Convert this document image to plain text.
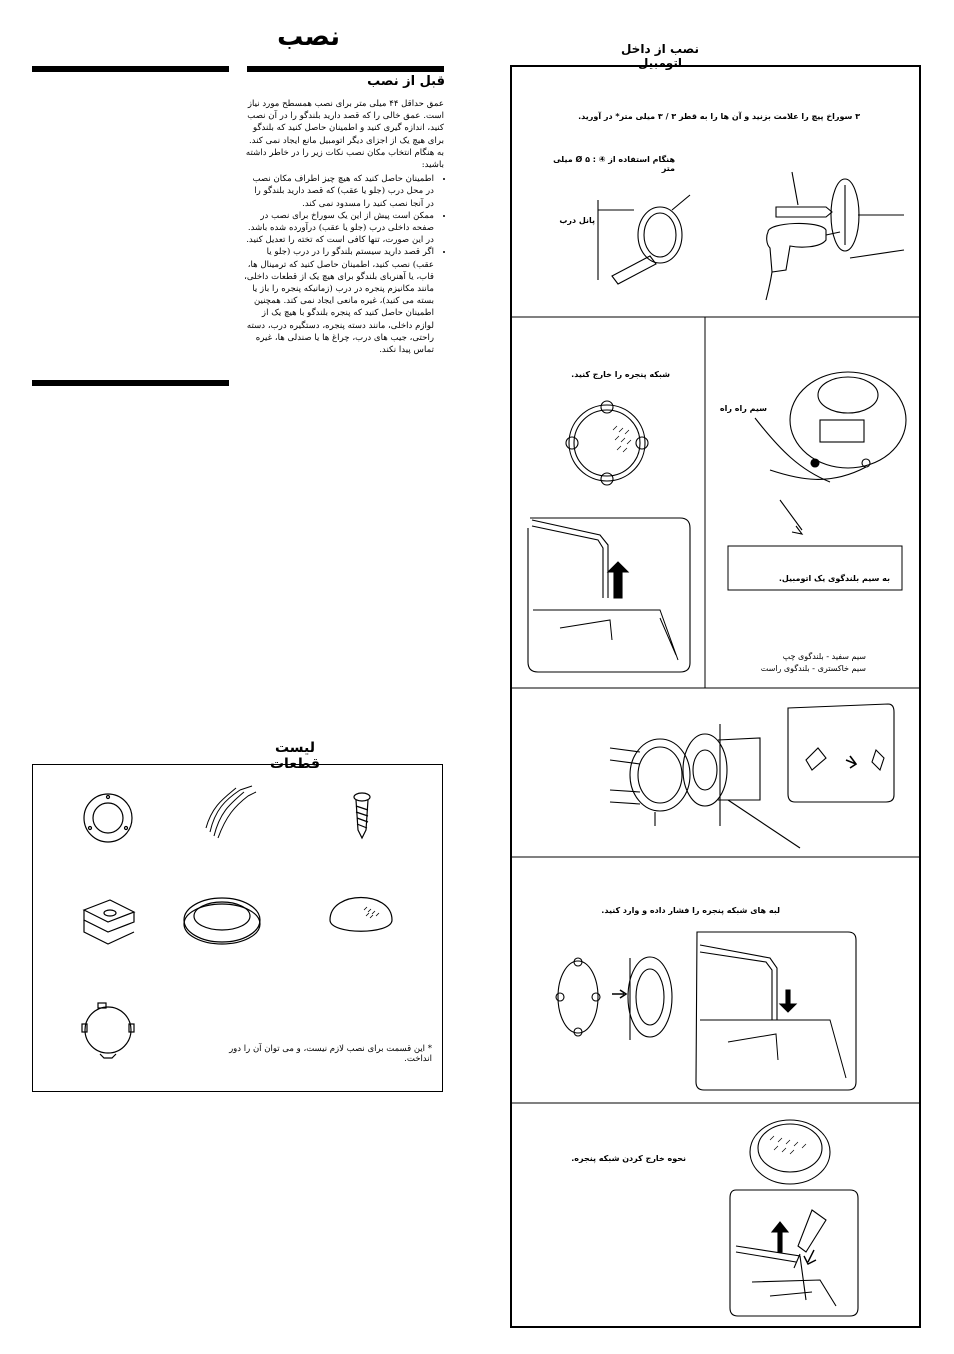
نصب
قبل از نصب

عمق حداقل ۴۴ میلی متر برای نصب همسطح مورد نیاز است. عمق خالی را که قصد دارید بلندگو را در آن نصب کنید، اندازه گیری کنید و اطمینان حاصل کنید که بلندگو برای هیچ یک از اجزای دیگر اتومبیل مانع ایجاد نمی کند. به هنگام انتخاب مکان نصب نکات زیر را در خاطر داشته باشید:

• اطمینان حاصل کنید که هیچ چیز اطراف مکان نصب در محل درب (جلو یا عقب) که قصد دارید بلندگو را در آنجا نصب کنید را مسدود نمی کند.
• ممکن است پیش از این یک سوراخ برای نصب در صفحه داخلی درب (جلو یا عقب) درآورده شده باشد. در این صورت، تنها کافی است که تخته را تعدیل کنید.
• اگر قصد دارید سیستم بلندگو را در درب (جلو یا عقب) نصب کنید، اطمینان حاصل کنید که ترمینال ها، قاب، یا آهنربای بلندگو برای هیچ یک از قطعات داخلی، مانند مکانیزم پنجره در درب (زمانیکه پنجره را باز یا بسته می کنید)، غیره مانعی ایجاد نمی کند. همچنین اطمینان حاصل کنید که پنجره بلندگو با هیچ یک از لوازم داخلی، مانند دسته پنجره، دستگیره درب، دسته راحتی، جیب های درب، چراغ ها یا صندلی ها، غیره تماس پیدا نکند.
لیست قطعات
* این قسمت برای نصب لازم نیست، و می توان آن را دور انداخت.
نصب از داخل اتومبیل
۳ سوراخ پیچ را علامت بزنید و آن ها را به قطر ۳ / ۳ میلی متر* در آورید.
هنگام استفاده از ④ : ۵ Ø میلی متر
پانل درب
شبکه پنجره را خارج کنید.
سیم راه راه
به سیم بلندگوی یک اتومبیل.
سیم سفید - بلندگوی چپ
سیم خاکستری - بلندگوی راست
لبه های شبکه پنجره را فشار داده و وارد کنید.
نحوه خارج کردن شبکه پنجره.
